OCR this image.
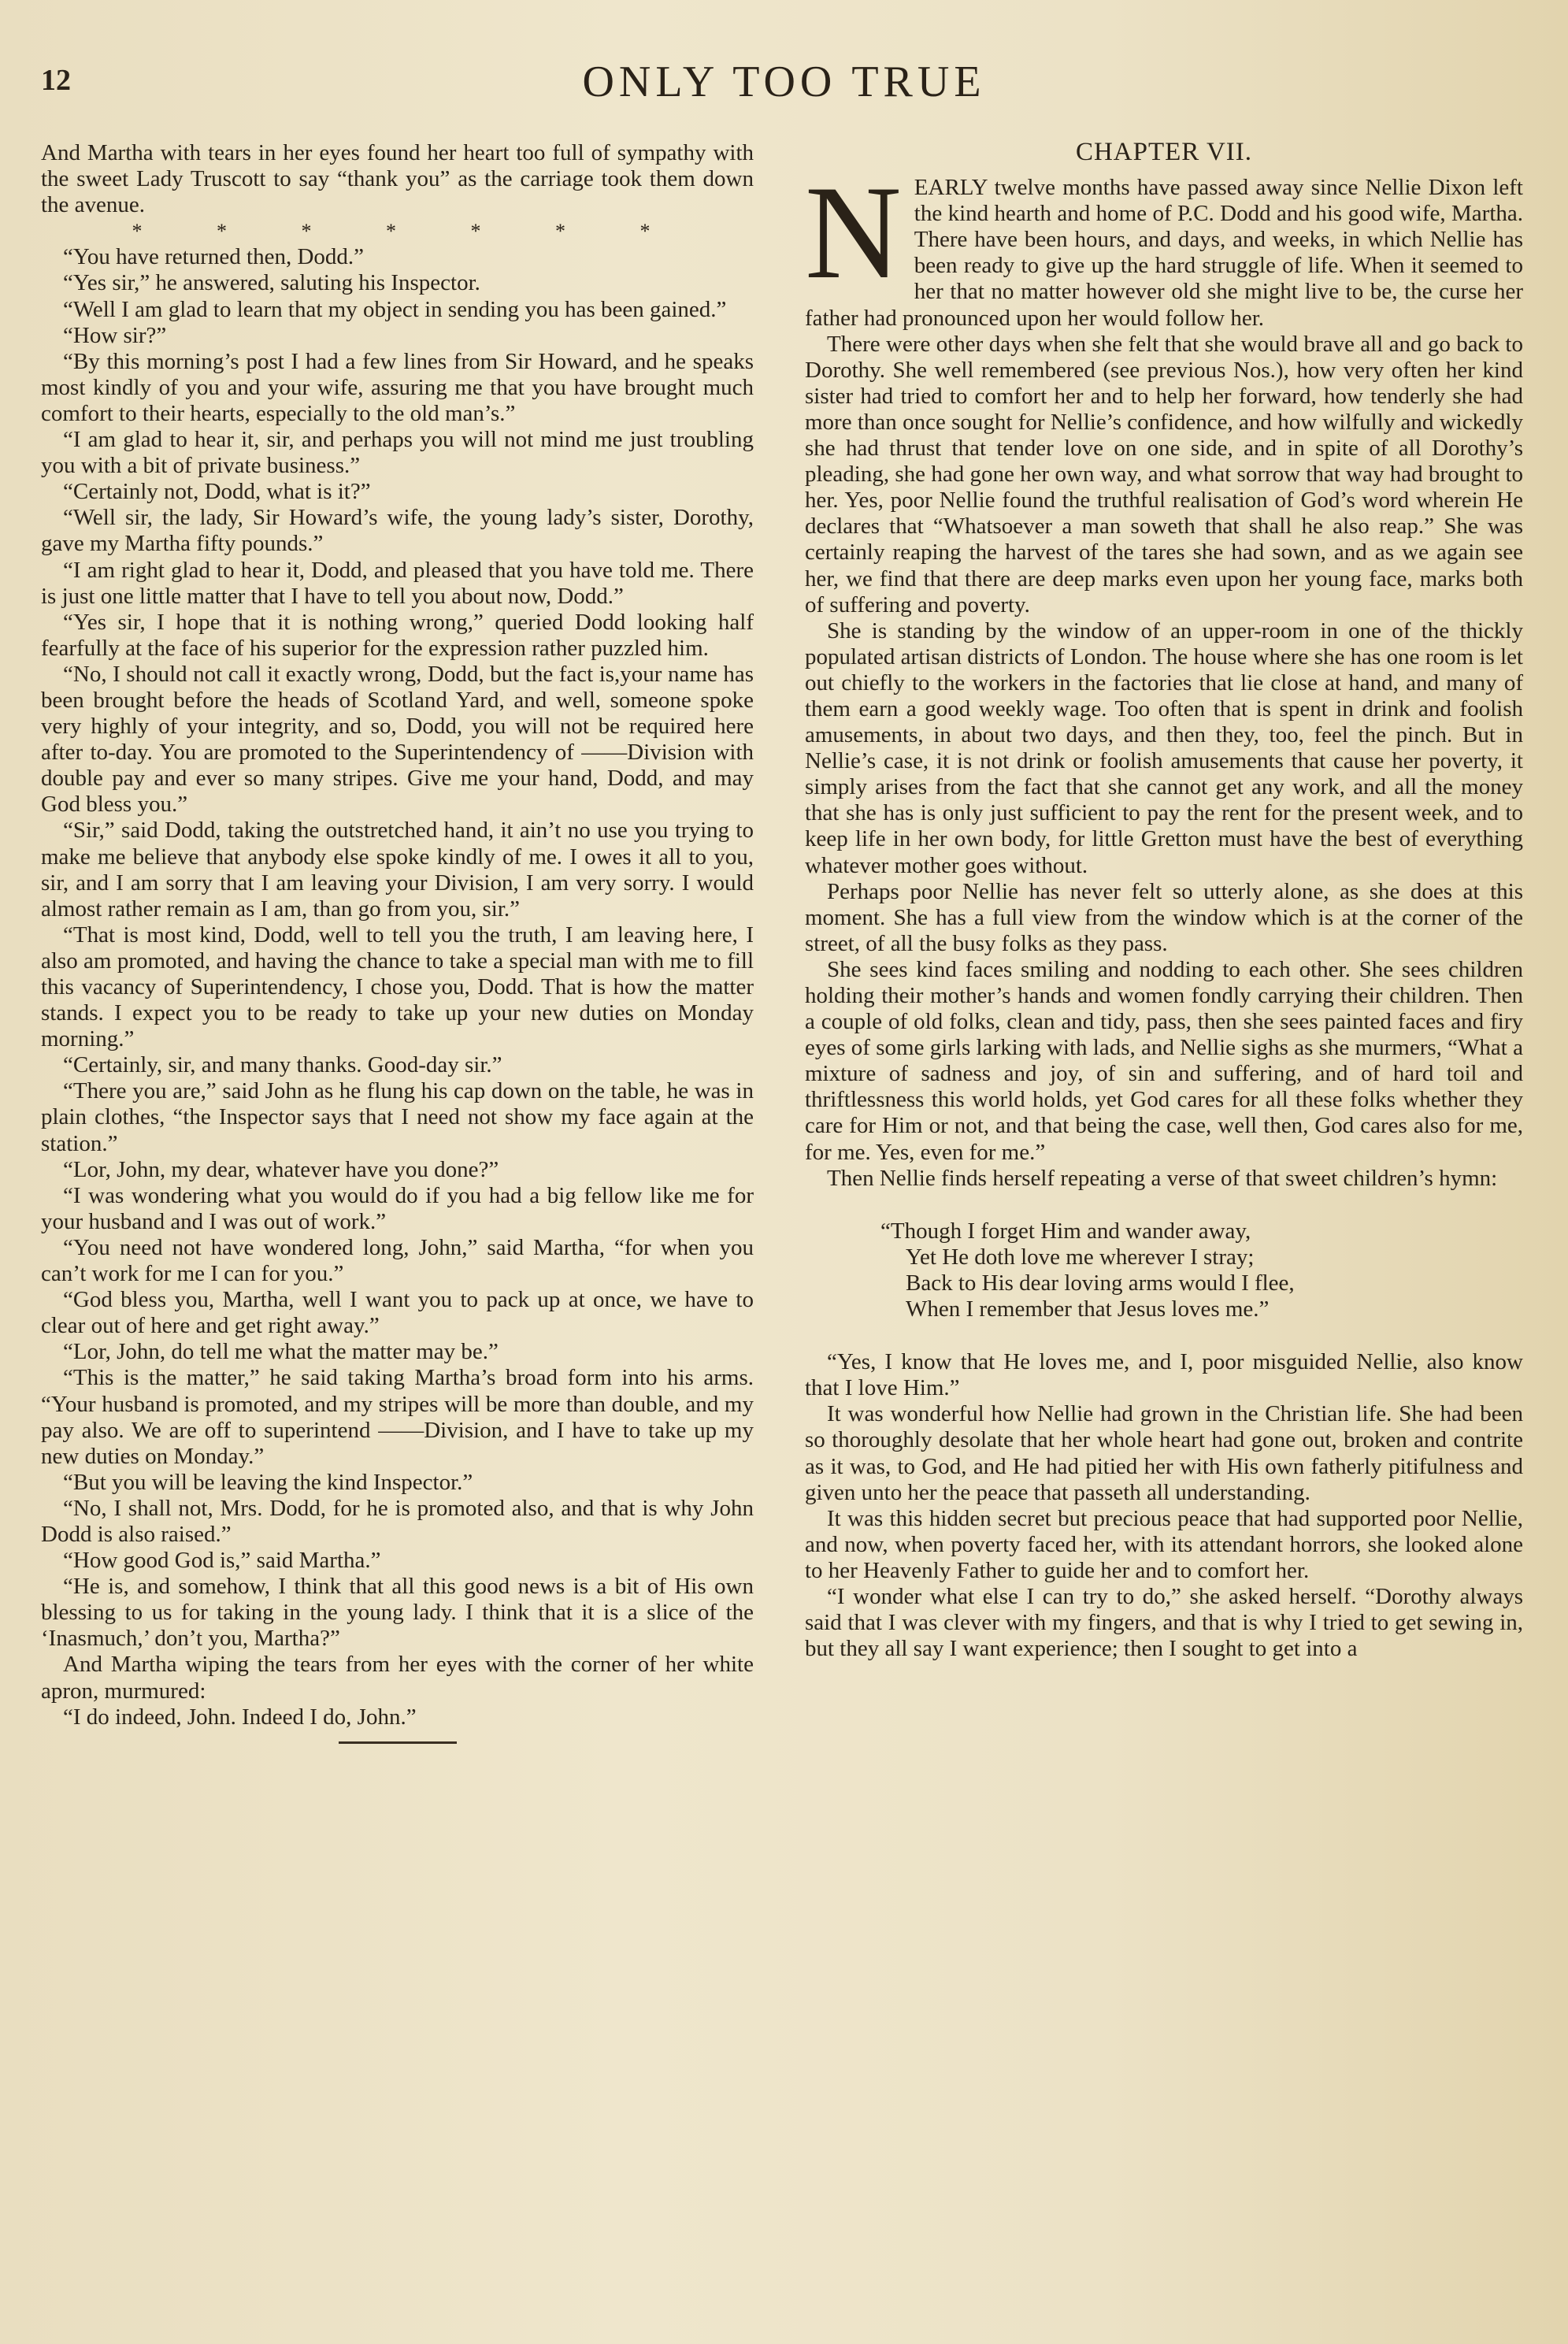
12	ONLY TOO TRUE

And Martha with tears in her eyes found her heart too full of sympathy with the sweet Lady Truscott to say “thank you” as the carriage took them down the avenue.

* * * * * * *

“You have returned then, Dodd.”

“Yes sir,” he answered, saluting his Inspector.

“Well I am glad to learn that my object in sending you has been gained.”

“How sir?”

“By this morning’s post I had a few lines from Sir Howard, and he speaks most kindly of you and your wife, assuring me that you have brought much comfort to their hearts, especially to the old man’s.”

“I am glad to hear it, sir, and perhaps you will not mind me just troubling you with a bit of private business.”

“Certainly not, Dodd, what is it?”

“Well sir, the lady, Sir Howard’s wife, the young lady’s sister, Dorothy, gave my Martha fifty pounds.”

“I am right glad to hear it, Dodd, and pleased that you have told me. There is just one little matter that I have to tell you about now, Dodd.”

“Yes sir, I hope that it is nothing wrong,” queried Dodd looking half fearfully at the face of his superior for the expression rather puzzled him.

“No, I should not call it exactly wrong, Dodd, but the fact is,your name has been brought before the heads of Scotland Yard, and well, someone spoke very highly of your integrity, and so, Dodd, you will not be required here after to-day. You are promoted to the Superintendency of ——Division with double pay and ever so many stripes. Give me your hand, Dodd, and may God bless you.”

“Sir,” said Dodd, taking the outstretched hand, it ain’t no use you trying to make me believe that anybody else spoke kindly of me. I owes it all to you, sir, and I am sorry that I am leaving your Division, I am very sorry. I would almost rather remain as I am, than go from you, sir.”

“That is most kind, Dodd, well to tell you the truth, I am leaving here, I also am promoted, and having the chance to take a special man with me to fill this vacancy of Superintendency, I chose you, Dodd. That is how the matter stands. I expect you to be ready to take up your new duties on Monday morning.”

“Certainly, sir, and many thanks. Good-day sir.”

“There you are,” said John as he flung his cap down on the table, he was in plain clothes, “the Inspector says that I need not show my face again at the station.”

“Lor, John, my dear, whatever have you done?”

“I was wondering what you would do if you had a big fellow like me for your husband and I was out of work.”

“You need not have wondered long, John,” said Martha, “for when you can’t work for me I can for you.”

“God bless you, Martha, well I want you to pack up at once, we have to clear out of here and get right away.”

“Lor, John, do tell me what the matter may be.”

“This is the matter,” he said taking Martha’s broad form into his arms. “Your husband is promoted, and my stripes will be more than double, and my pay also. We are off to superintend ——Division, and I have to take up my new duties on Monday.”

“But you will be leaving the kind Inspector.”

“No, I shall not, Mrs. Dodd, for he is promoted also, and that is why John Dodd is also raised.”

“How good God is,” said Martha.”

“He is, and somehow, I think that all this good news is a bit of His own blessing to us for taking in the young lady. I think that it is a slice of the ‘Inasmuch,’ don’t you, Martha?”

And Martha wiping the tears from her eyes with the corner of her white apron, murmured:

“I do indeed, John. Indeed I do, John.”

CHAPTER VII.

NEARLY twelve months have passed away since Nellie Dixon left the kind hearth and home of P.C. Dodd and his good wife, Martha. There have been hours, and days, and weeks, in which Nellie has been ready to give up the hard struggle of life. When it seemed to her that no matter however old she might live to be, the curse her father had pronounced upon her would follow her.

There were other days when she felt that she would brave all and go back to Dorothy. She well remembered (see previous Nos.), how very often her kind sister had tried to comfort her and to help her forward, how tenderly she had more than once sought for Nellie’s confidence, and how wilfully and wickedly she had thrust that tender love on one side, and in spite of all Dorothy’s pleading, she had gone her own way, and what sorrow that way had brought to her. Yes, poor Nellie found the truthful realisation of God’s word wherein He declares that “Whatsoever a man soweth that shall he also reap.” She was certainly reaping the harvest of the tares she had sown, and as we again see her, we find that there are deep marks even upon her young face, marks both of suffering and poverty.

She is standing by the window of an upper-room in one of the thickly populated artisan districts of London. The house where she has one room is let out chiefly to the workers in the factories that lie close at hand, and many of them earn a good weekly wage. Too often that is spent in drink and foolish amusements, in about two days, and then they, too, feel the pinch. But in Nellie’s case, it is not drink or foolish amusements that cause her poverty, it simply arises from the fact that she cannot get any work, and all the money that she has is only just sufficient to pay the rent for the present week, and to keep life in her own body, for little Gretton must have the best of everything whatever mother goes without.

Perhaps poor Nellie has never felt so utterly alone, as she does at this moment. She has a full view from the window which is at the corner of the street, of all the busy folks as they pass.

She sees kind faces smiling and nodding to each other. She sees children holding their mother’s hands and women fondly carrying their children. Then a couple of old folks, clean and tidy, pass, then she sees painted faces and firy eyes of some girls larking with lads, and Nellie sighs as she murmers, “What a mixture of sadness and joy, of sin and suffering, and of hard toil and thriftlessness this world holds, yet God cares for all these folks whether they care for Him or not, and that being the case, well then, God cares also for me, for me. Yes, even for me.”

Then Nellie finds herself repeating a verse of that sweet children’s hymn:

“Though I forget Him and wander away,

Yet He doth love me wherever I stray;

Back to His dear loving arms would I flee,

When I remember that Jesus loves me.”

“Yes, I know that He loves me, and I, poor misguided Nellie, also know that I love Him.”

It was wonderful how Nellie had grown in the Christian life. She had been so thoroughly desolate that her whole heart had gone out, broken and contrite as it was, to God, and He had pitied her with His own fatherly pitifulness and given unto her the peace that passeth all understanding.

It was this hidden secret but precious peace that had supported poor Nellie, and now, when poverty faced her, with its attendant horrors, she looked alone to her Heavenly Father to guide her and to comfort her.

“I wonder what else I can try to do,” she asked herself. “Dorothy always said that I was clever with my fingers, and that is why I tried to get sewing in, but they all say I want experience; then I sought to get into a
